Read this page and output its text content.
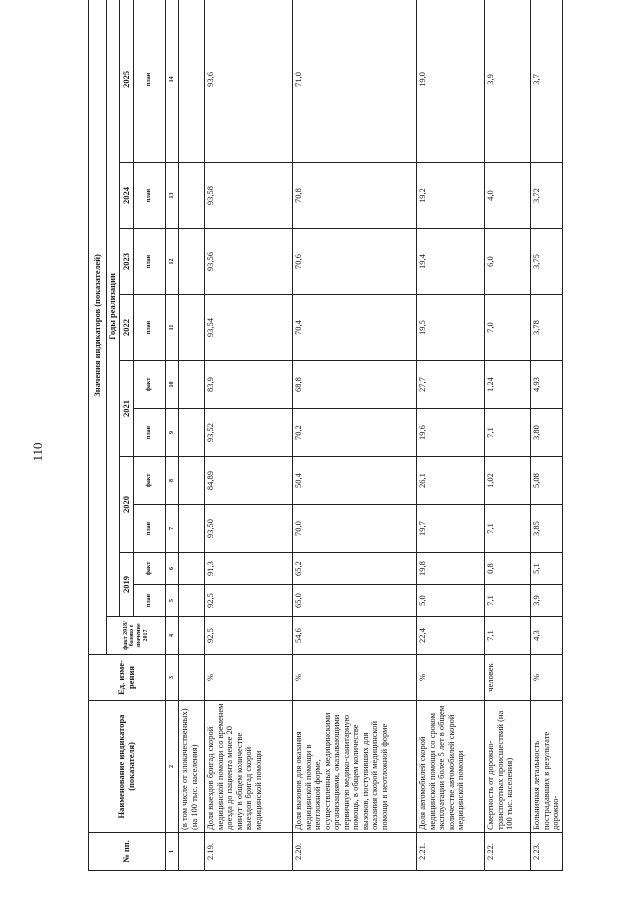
110
№ пп.	Наименование индикатора (показателя)	Ед. изме-рения	Значения индикаторов (показателей)										
			факт 2018/базово е значение 2017	Годы реализации									
				2019		2020		2021		2022	2023	2024	2025
				план	факт	план	факт	план	факт	план	план	план	план
1	2	3	4	5	6	7	8	9	10	11	12	13	14
	(в том числе от злокачественных) (на 100 тыс. населения)												
2.19.	Доля выездов бригад скорой медицинской помощи со временем доезда до пациента менее 20 минут в общем количестве выездов бригад скорой медицинской помощи	%	92,5	92,5	91,3	93,50	84,89	93,52	83,9	93,54	93,56	93,58	93,6
2.20.	Доля вызовов для оказания медицинской помощи в неотложной форме, осуществленных медицинскими организациями, оказывающими первичную медико-санитарную помощь, в общем количестве вызовов, поступивших для оказания скорой медицинской помощи в неотложной форме	%	54,6	65,0	65,2	70,0	50,4	70,2	68,8	70,4	70,6	70,8	71,0
2.21.	Доля автомобилей скорой медицинской помощи со сроком эксплуатации более 5 лет в общем количестве автомобилей скорой медицинской помощи	%	22,4	5,0	19,8	19,7	26,1	19,6	27,7	19,5	19,4	19,2	19,0
2.22.	Смертность от дорожно-транспортных происшествий (на 100 тыс. населения)	человек	7,1	7,1	0,8	7,1	1,02	7,1	1,24	7,0	6,0	4,0	3,9
2.23.	Больничная летальность пострадавших в результате дорожно-	%	4,3	3,9	5,1	3,85	5,08	3,80	4,93	3,78	3,75	3,72	3,7
